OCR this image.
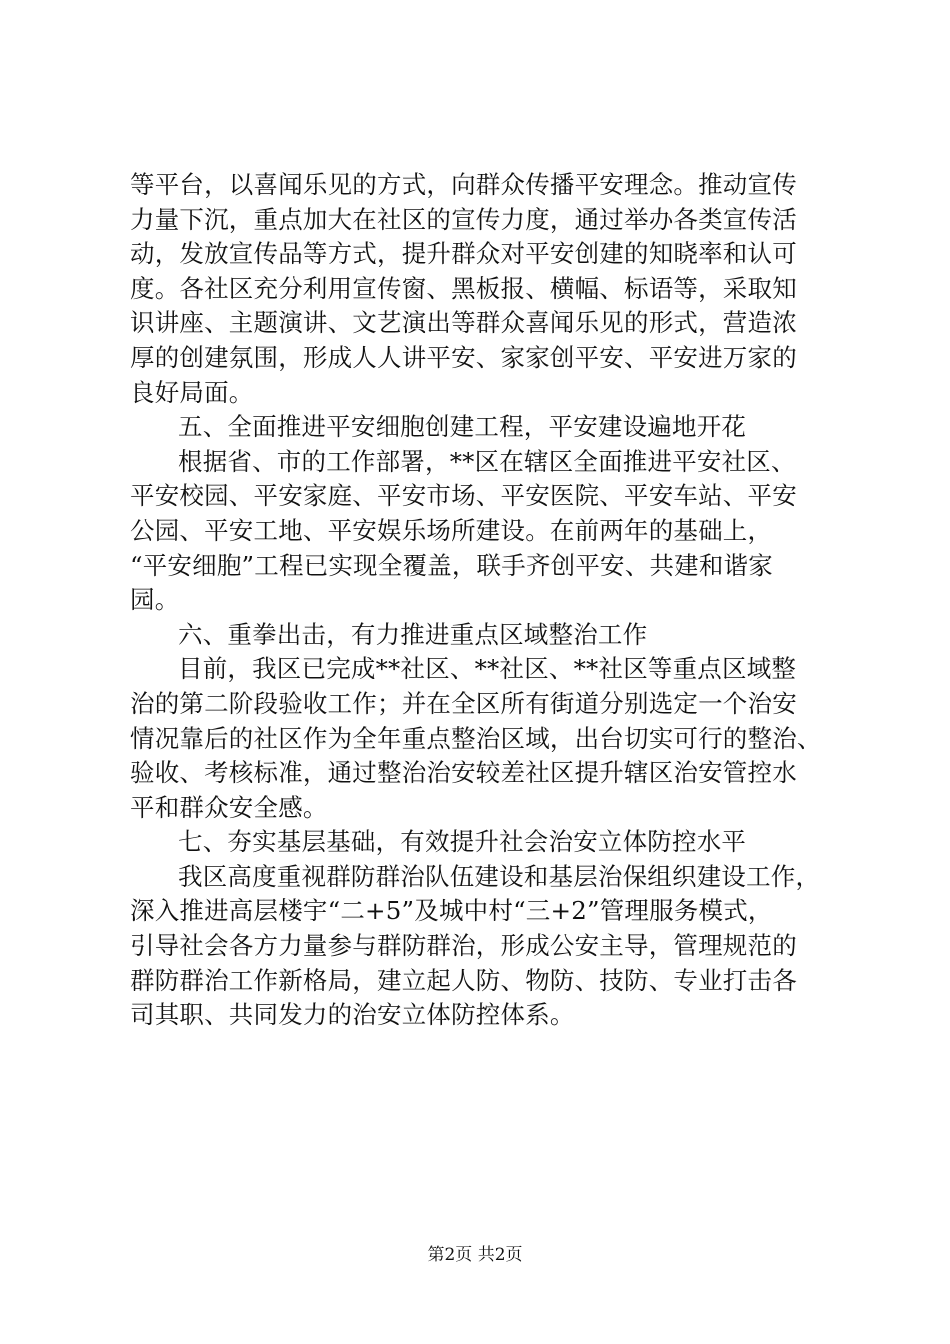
等平台，以喜闻乐见的方式，向群众传播平安理念。推动宣传
力量下沉，重点加大在社区的宣传力度，通过举办各类宣传活
动，发放宣传品等方式，提升群众对平安创建的知晓率和认可
度。各社区充分利用宣传窗、黑板报、横幅、标语等，采取知
识讲座、主题演讲、文艺演出等群众喜闻乐见的形式，营造浓
厚的创建氛围，形成人人讲平安、家家创平安、平安进万家的
良好局面。
五、全面推进平安细胞创建工程，平安建设遍地开花
根据省、市的工作部署，**区在辖区全面推进平安社区、
平安校园、平安家庭、平安市场、平安医院、平安车站、平安
公园、平安工地、平安娱乐场所建设。在前两年的基础上，
“平安细胞”工程已实现全覆盖，联手齐创平安、共建和谐家
园。
六、重拳出击，有力推进重点区域整治工作
目前，我区已完成**社区、**社区、**社区等重点区域整
治的第二阶段验收工作；并在全区所有街道分别选定一个治安
情况靠后的社区作为全年重点整治区域，出台切实可行的整治、
验收、考核标准，通过整治治安较差社区提升辖区治安管控水
平和群众安全感。
七、夯实基层基础，有效提升社会治安立体防控水平
我区高度重视群防群治队伍建设和基层治保组织建设工作，
深入推进高层楼宇“二+5”及城中村“三+2”管理服务模式，
引导社会各方力量参与群防群治，形成公安主导，管理规范的
群防群治工作新格局，建立起人防、物防、技防、专业打击各
司其职、共同发力的治安立体防控体系。
第2页 共2页
